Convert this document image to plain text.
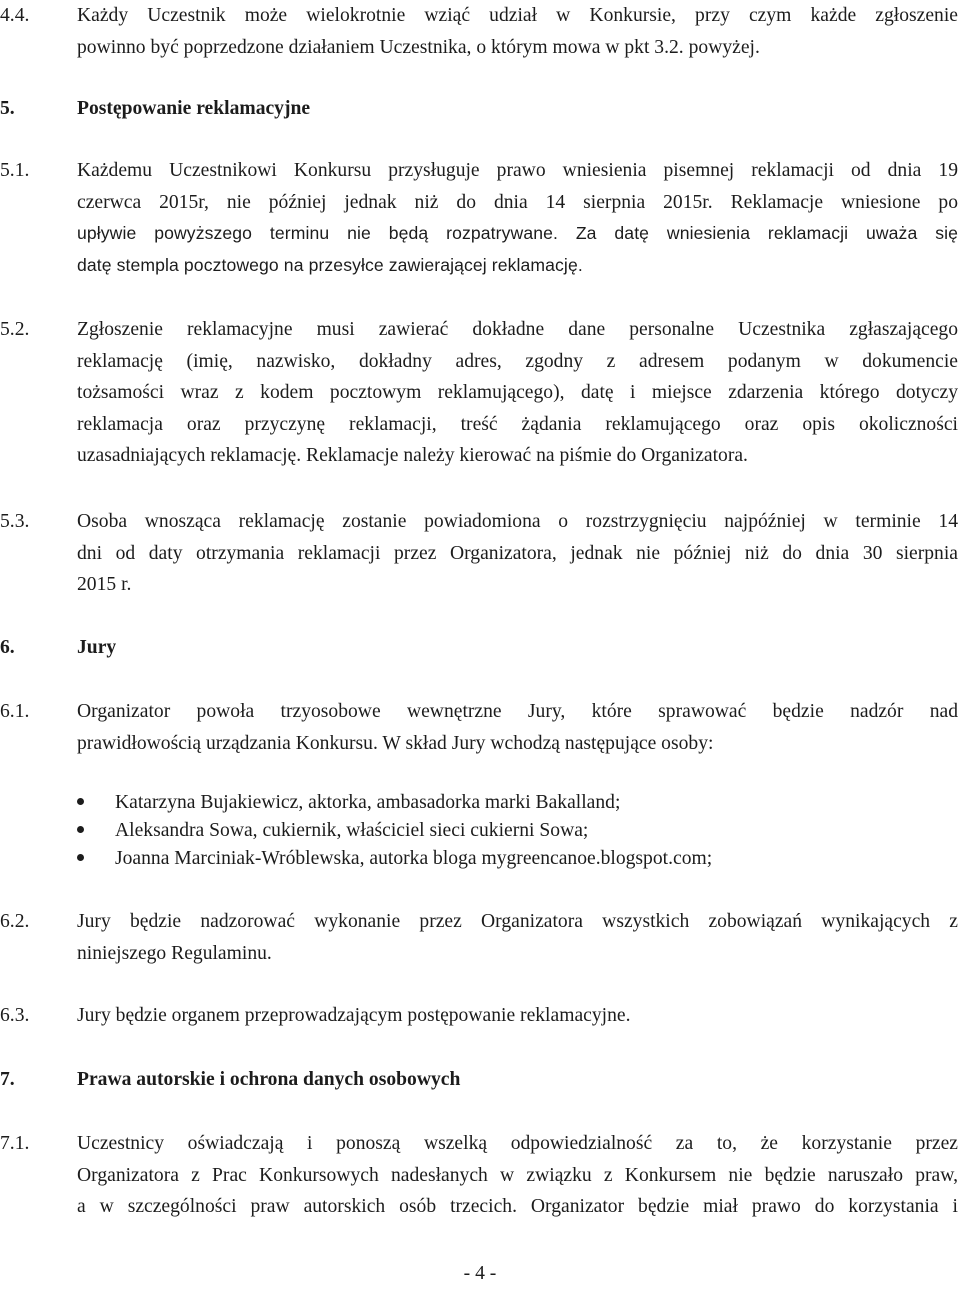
4.4. Każdy Uczestnik może wielokrotnie wziąć udział w Konkursie, przy czym każde zgłoszenie
powinno być poprzedzone działaniem Uczestnika, o którym mowa w pkt 3.2. powyżej.
5.	Postępowanie reklamacyjne
5.1. Każdemu Uczestnikowi Konkursu przysługuje prawo wniesienia pisemnej reklamacji od dnia 19
czerwca 2015r, nie później jednak niż do dnia 14 sierpnia 2015r. Reklamacje wniesione po
upływie powyższego terminu nie będą rozpatrywane. Za datę wniesienia reklamacji uważa się
datę stempla pocztowego na przesyłce zawierającej reklamację.
5.2. Zgłoszenie reklamacyjne musi zawierać dokładne dane personalne Uczestnika zgłaszającego
reklamację (imię, nazwisko, dokładny adres, zgodny z adresem podanym w dokumencie
tożsamości wraz z kodem pocztowym reklamującego), datę i miejsce zdarzenia którego dotyczy
reklamacja oraz przyczynę reklamacji, treść żądania reklamującego oraz opis okoliczności
uzasadniających reklamację. Reklamacje należy kierować na piśmie do Organizatora.
5.3. Osoba wnosząca reklamację zostanie powiadomiona o rozstrzygnięciu najpóźniej w terminie 14
dni od daty otrzymania reklamacji przez Organizatora, jednak nie później niż do dnia 30 sierpnia
2015 r.
6.	Jury
6.1. Organizator powoła trzyosobowe wewnętrzne Jury, które sprawować będzie nadzór nad
prawidłowością urządzania Konkursu. W skład Jury wchodzą następujące osoby:
Katarzyna Bujakiewicz, aktorka, ambasadorka marki Bakalland;
Aleksandra Sowa, cukiernik, właściciel sieci cukierni Sowa;
Joanna Marciniak-Wróblewska, autorka bloga mygreencanoe.blogspot.com;
6.2. Jury będzie nadzorować wykonanie przez Organizatora wszystkich zobowiązań wynikających z
niniejszego Regulaminu.
6.3. Jury będzie organem przeprowadzającym postępowanie reklamacyjne.
7.	Prawa autorskie i ochrona danych osobowych
7.1. Uczestnicy oświadczają i ponoszą wszelką odpowiedzialność za to, że korzystanie przez
Organizatora z Prac Konkursowych nadesłanych w związku z Konkursem nie będzie naruszało praw,
a w szczególności praw autorskich osób trzecich. Organizator będzie miał prawo do korzystania i
- 4 -
